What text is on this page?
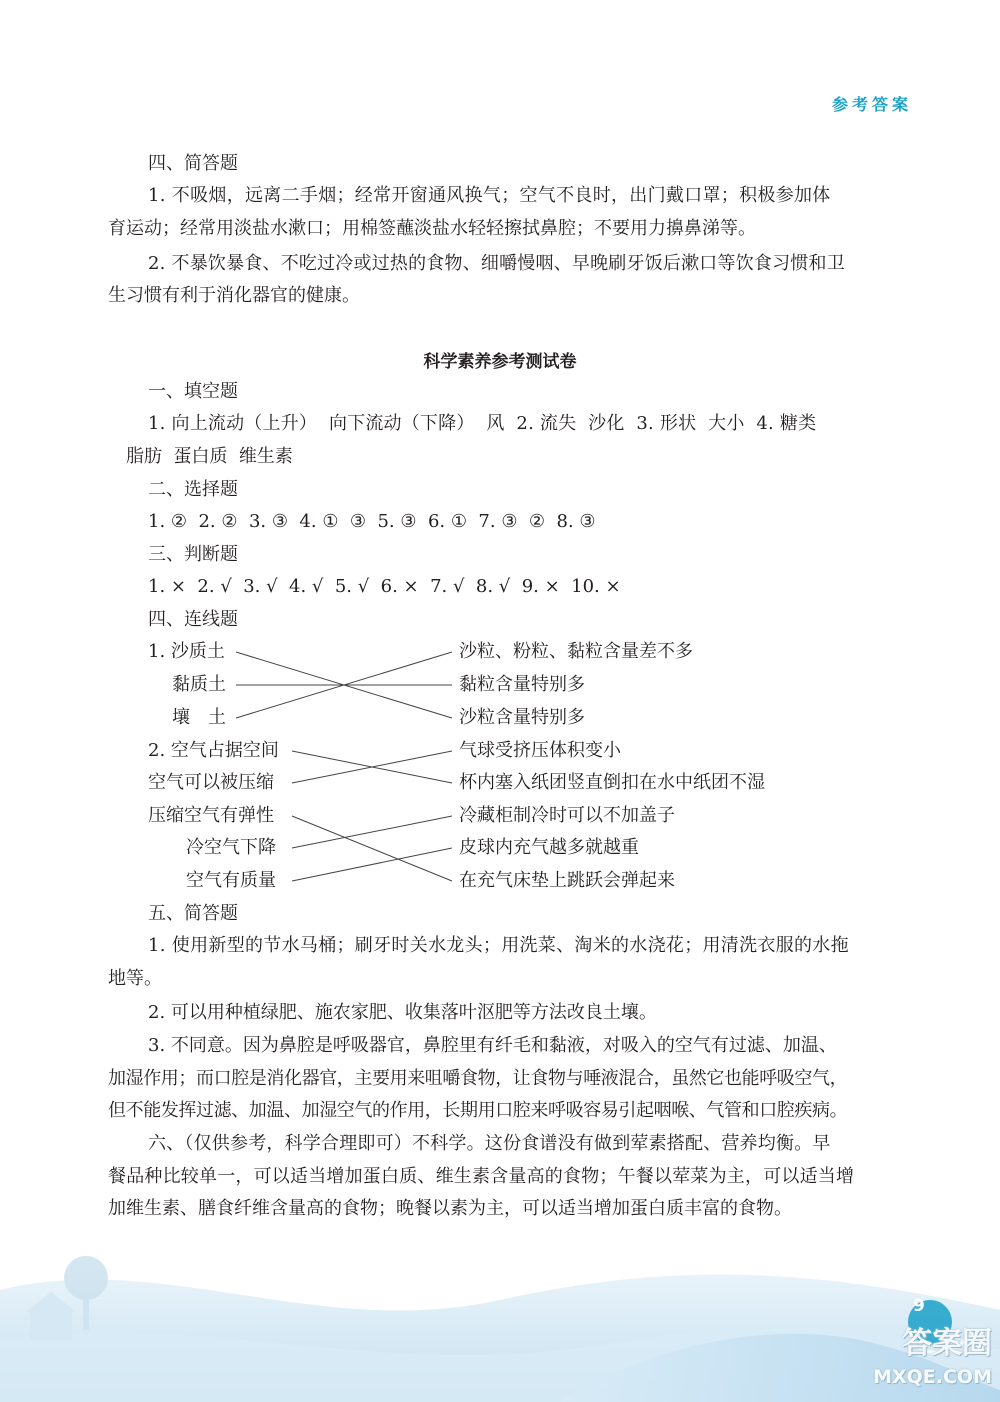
参考答案
四、简答题
1. 不吸烟，远离二手烟；经常开窗通风换气；空气不良时，出门戴口罩；积极参加体
育运动；经常用淡盐水漱口；用棉签蘸淡盐水轻轻擦拭鼻腔；不要用力擤鼻涕等。
2. 不暴饮暴食、不吃过冷或过热的食物、细嚼慢咽、早晚刷牙饭后漱口等饮食习惯和卫
生习惯有利于消化器官的健康。
科学素养参考测试卷
一、填空题
1. 向上流动（上升）  向下流动（下降）  风  2. 流失  沙化  3. 形状  大小  4. 糖类
脂肪  蛋白质  维生素
二、选择题
1. ②  2. ②  3. ③  4. ①  ③  5. ③  6. ①  7. ③  ②  8. ③
三、判断题
1. ×  2. √  3. √  4. √  5. √  6. ×  7. √  8. √  9. ×  10. ×
四、连线题
1. 沙质土
黏质土
壤　土
沙粒、粉粒、黏粒含量差不多
黏粒含量特别多
沙粒含量特别多
2. 空气占据空间
空气可以被压缩
压缩空气有弹性
冷空气下降
空气有质量
气球受挤压体积变小
杯内塞入纸团竖直倒扣在水中纸团不湿
冷藏柜制冷时可以不加盖子
皮球内充气越多就越重
在充气床垫上跳跃会弹起来
五、简答题
1. 使用新型的节水马桶；刷牙时关水龙头；用洗菜、淘米的水浇花；用清洗衣服的水拖
地等。
2. 可以用种植绿肥、施农家肥、收集落叶沤肥等方法改良土壤。
3. 不同意。因为鼻腔是呼吸器官，鼻腔里有纤毛和黏液，对吸入的空气有过滤、加温、
加湿作用；而口腔是消化器官，主要用来咀嚼食物，让食物与唾液混合，虽然它也能呼吸空气，
但不能发挥过滤、加温、加湿空气的作用，长期用口腔来呼吸容易引起咽喉、气管和口腔疾病。
六、（仅供参考，科学合理即可）不科学。这份食谱没有做到荤素搭配、营养均衡。早
餐品种比较单一，可以适当增加蛋白质、维生素含量高的食物；午餐以荤菜为主，可以适当增
加维生素、膳食纤维含量高的食物；晚餐以素为主，可以适当增加蛋白质丰富的食物。
9
答案圈
MXQE.COM
